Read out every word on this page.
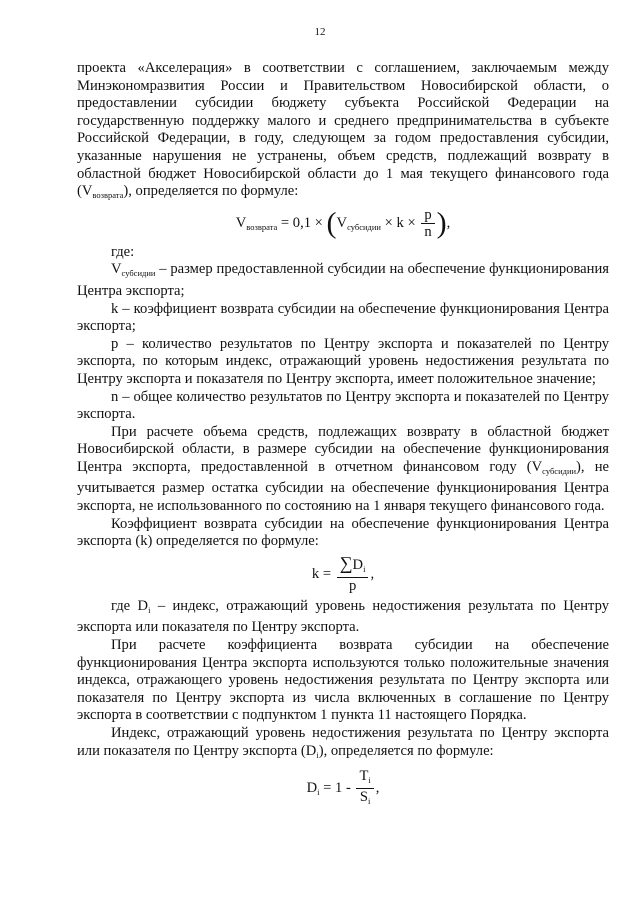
12

проекта «Акселерация» в соответствии с соглашением, заключаемым между Минэкономразвития России и Правительством Новосибирской области, о предоставлении субсидии бюджету субъекта Российской Федерации на государственную поддержку малого и среднего предпринимательства в субъекте Российской Федерации, в году, следующем за годом предоставления субсидии, указанные нарушения не устранены, объем средств, подлежащий возврату в областной бюджет Новосибирской области до 1 мая текущего финансового года $(V_{возврата})$, определяется по формуле:

$V_{возврата} = 0,1 \times (V_{субсидии} \times k \times \frac{p}{n}$ ),

где:

$V_{субсидии}$ – размер предоставленной субсидии на обеспечение функционирования Центра экспорта;

k – коэффициент возврата субсидии на обеспечение функционирования Центра экспорта;

p – количество результатов по Центру экспорта и показателей по Центру экспорта, по которым индекс, отражающий уровень недостижения результата по Центру экспорта и показателя по Центру экспорта, имеет положительное значение;

n – общее количество результатов по Центру экспорта и показателей по Центру экспорта.

При расчете объема средств, подлежащих возврату в областной бюджет Новосибирской области, в размере субсидии на обеспечение функционирования Центра экспорта, предоставленной в отчетном финансовом году $(V_{субсидии})$, не учитывается размер остатка субсидии на обеспечение функционирования Центра экспорта, не использованного по состоянию на 1 января текущего финансового года.

Коэффициент возврата субсидии на обеспечение функционирования Центра экспорта (k) определяется по формуле:

$k = \frac{\sum D_i}{p}$ ,

где $D_i$ – индекс, отражающий уровень недостижения результата по Центру экспорта или показателя по Центру экспорта.

При расчете коэффициента возврата субсидии на обеспечение функционирования Центра экспорта используются только положительные значения индекса, отражающего уровень недостижения результата по Центру экспорта или показателя по Центру экспорта из числа включенных в соглашение по Центру экспорта в соответствии с подпунктом 1 пункта 11 настоящего Порядка.

Индекс, отражающий уровень недостижения результата по Центру экспорта или показателя по Центру экспорта $(D_i)$, определяется по формуле:

$D_i = 1 - \frac{T_i}{S_i}$ ,
